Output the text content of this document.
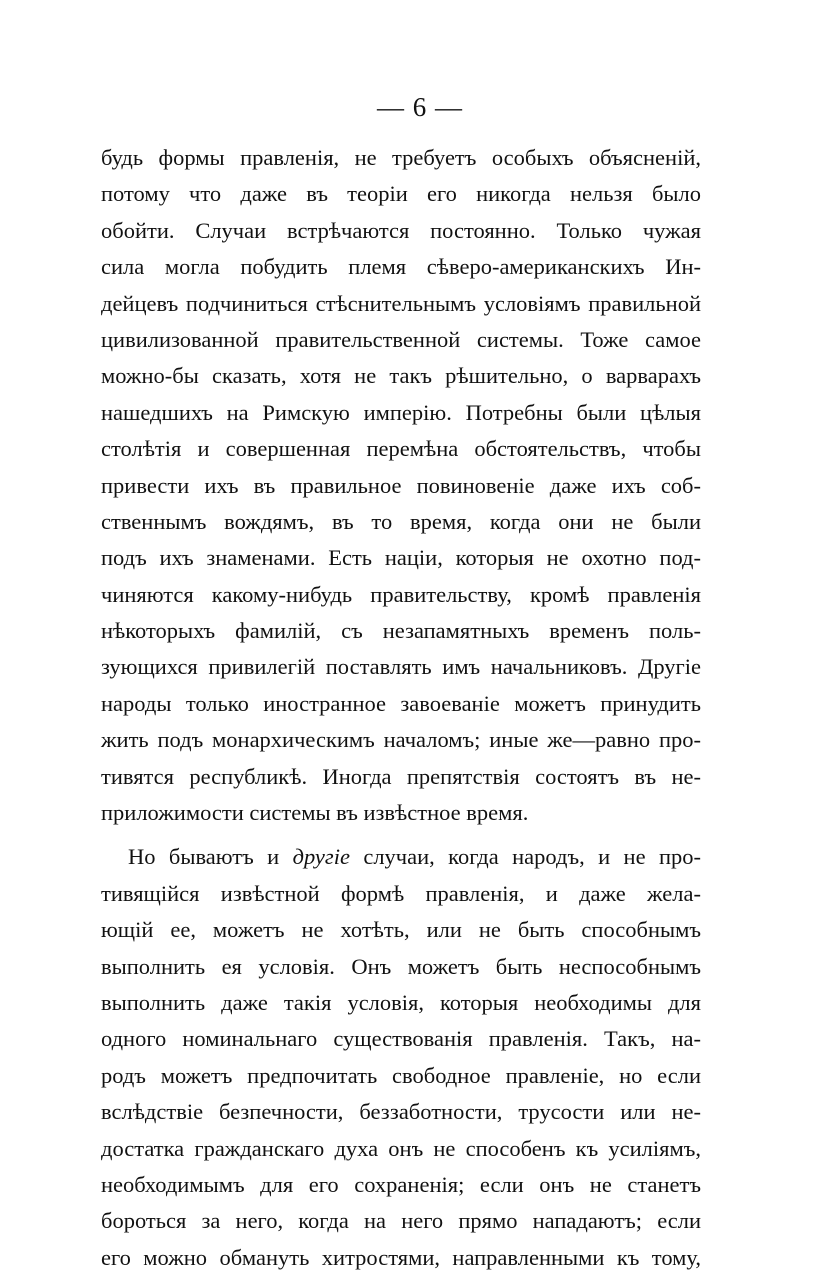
— 6 —
будь формы правленія, не требуетъ особыхъ объясненій,
потому что даже въ теоріи его никогда нельзя было
обойти. Случаи встрѣчаются постоянно. Только чужая
сила могла побудить племя сѣверо-американскихъ Ин-
дейцевъ подчиниться стѣснительнымъ условіямъ правильной
цивилизованной правительственной системы. Тоже самое
можно-бы сказать, хотя не такъ рѣшительно, о варварахъ
нашедшихъ на Римскую имперію. Потребны были цѣлыя
столѣтія и совершенная перемѣна обстоятельствъ, чтобы
привести ихъ въ правильное повиновеніе даже ихъ соб-
ственнымъ вождямъ, въ то время, когда они не были
подъ ихъ знаменами. Есть націи, которыя не охотно под-
чиняются какому-нибудь правительству, кромѣ правленія
нѣкоторыхъ фамилій, съ незапамятныхъ временъ поль-
зующихся привилегій поставлять имъ начальниковъ. Другіе
народы только иностранное завоеваніе можетъ принудить
жить подъ монархическимъ началомъ; иные же—равно про-
тивятся республикѣ. Иногда препятствія состоятъ въ не-
приложимости системы въ извѣстное время.
Но бываютъ и другіе случаи, когда народъ, и не про-
тивящійся извѣстной формѣ правленія, и даже жела-
ющій ее, можетъ не хотѣть, или не быть способнымъ
выполнить ея условія. Онъ можетъ быть неспособнымъ
выполнить даже такія условія, которыя необходимы для
одного номинальнаго существованія правленія. Такъ, на-
родъ можетъ предпочитать свободное правленіе, но если
вслѣдствіе безпечности, беззаботности, трусости или не-
достатка гражданскаго духа онъ не способенъ къ усиліямъ,
необходимымъ для его сохраненія; если онъ не станетъ
бороться за него, когда на него прямо нападаютъ; если
его можно обмануть хитростями, направленными къ тому,
